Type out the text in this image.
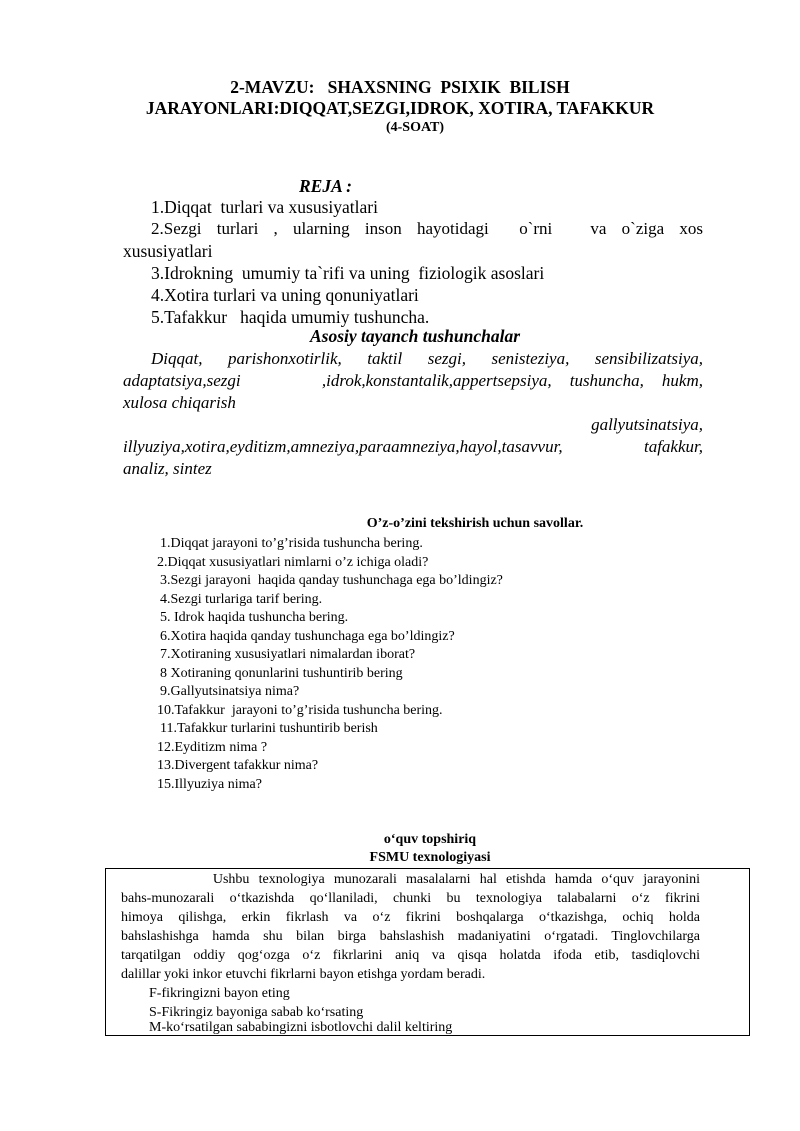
2-MAVZU:   SHAXSNING  PSIXIK  BILISH
JARAYONLARI:DIQQAT,SEZGI,IDROK, XOTIRA, TAFAKKUR
(4-SOAT)
REJA :
1.Diqqat  turlari va xususiyatlari
2.Sezgi  turlari  ,  ularning  inson  hayotidagi    o`rni     va  o`ziga  xos
xususiyatlari
3.Idrokning  umumiy ta`rifi va uning  fiziologik asoslari
4.Xotira turlari va uning qonuniyatlari
5.Tafakkur   haqida umumiy tushuncha.
Asosiy tayanch tushunchalar
Diqqat,  parishonxotirlik,  taktil  sezgi,  senisteziya,  sensibilizatsiya,
adaptatsiya,sezgi         ,idrok,konstantalik,appertsepsiya,  tushuncha,  hukm,
xulosa chiqarish
gallyutsinatsiya,
illyuziya,xotira,eyditizm,amneziya,paraamneziya,hayol,tasavvur,     tafakkur,
analiz, sintez
O’z-o’zini tekshirish uchun savollar.
1.Diqqat jarayoni to’g’risida tushuncha bering.
2.Diqqat xususiyatlari nimlarni o’z ichiga oladi?
3.Sezgi jarayoni  haqida qanday tushunchaga ega bo’ldingiz?
4.Sezgi turlariga tarif bering.
5. Idrok haqida tushuncha bering.
6.Xotira haqida qanday tushunchaga ega bo’ldingiz?
7.Xotiraning xususiyatlari nimalardan iborat?
8 Xotiraning qonunlarini tushuntirib bering
9.Gallyutsinatsiya nima?
10.Tafakkur  jarayoni to’g’risida tushuncha bering.
11.Tafakkur turlarini tushuntirib berish
12.Eyditizm nima ?
13.Divergent tafakkur nima?
15.Illyuziya nima?
o‘quv topshiriq
FSMU texnologiyasi
Ushbu texnologiya munozarali masalalarni hal etishda hamda o‘quv jarayonini
bahs-munozarali o‘tkazishda qo‘llaniladi, chunki bu texnologiya talabalarni o‘z fikrini
himoya qilishga, erkin fikrlash va o‘z fikrini boshqalarga o‘tkazishga, ochiq holda
bahslashishga hamda shu bilan birga bahslashish madaniyatini o‘rgatadi. Tinglovchilarga
tarqatilgan oddiy qog‘ozga o‘z fikrlarini aniq va qisqa holatda ifoda etib, tasdiqlovchi
dalillar yoki inkor etuvchi fikrlarni bayon etishga yordam beradi.
F-fikringizni bayon eting
S-Fikringiz bayoniga sabab ko‘rsating
M-ko‘rsatilgan sababingizni isbotlovchi dalil keltiring
